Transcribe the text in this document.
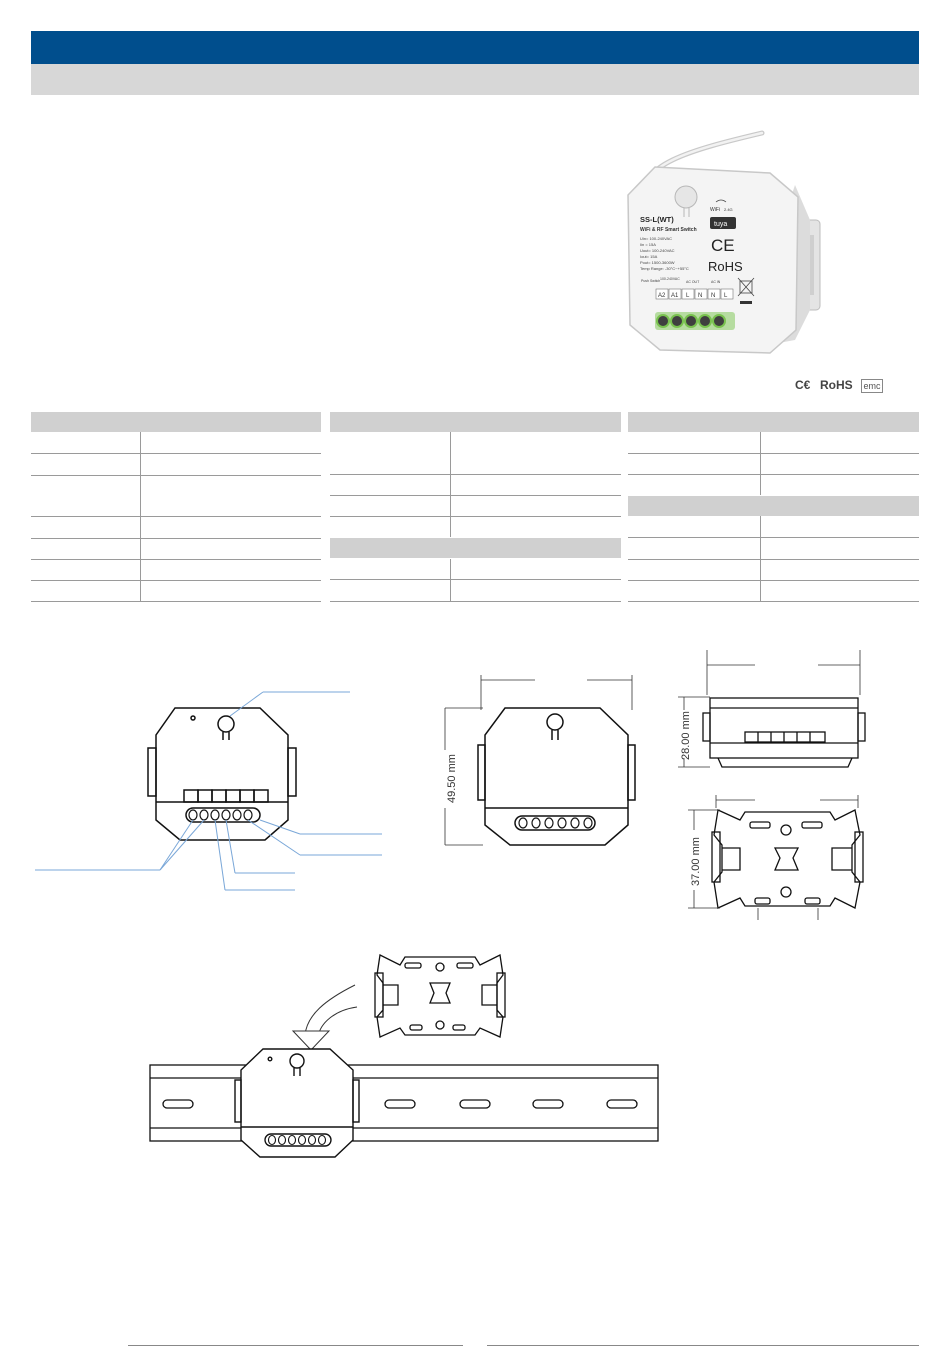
SS-L(WT)
WiFi & RF Smart Switch
Uin= 100-240VAC
Iin = 15A
Uout= 100-240VAC
Iout= 15A
Pout= 1500-3600W
Temp Range: -30°C~+55°C
WiFi 2.4G
tuya
CE
RoHS
Push Switch 100-240VAC
AC OUT	AC IN
A2 A1 L N N L
C€ RoHS emc
49.50 mm
28.00 mm
37.00 mm
